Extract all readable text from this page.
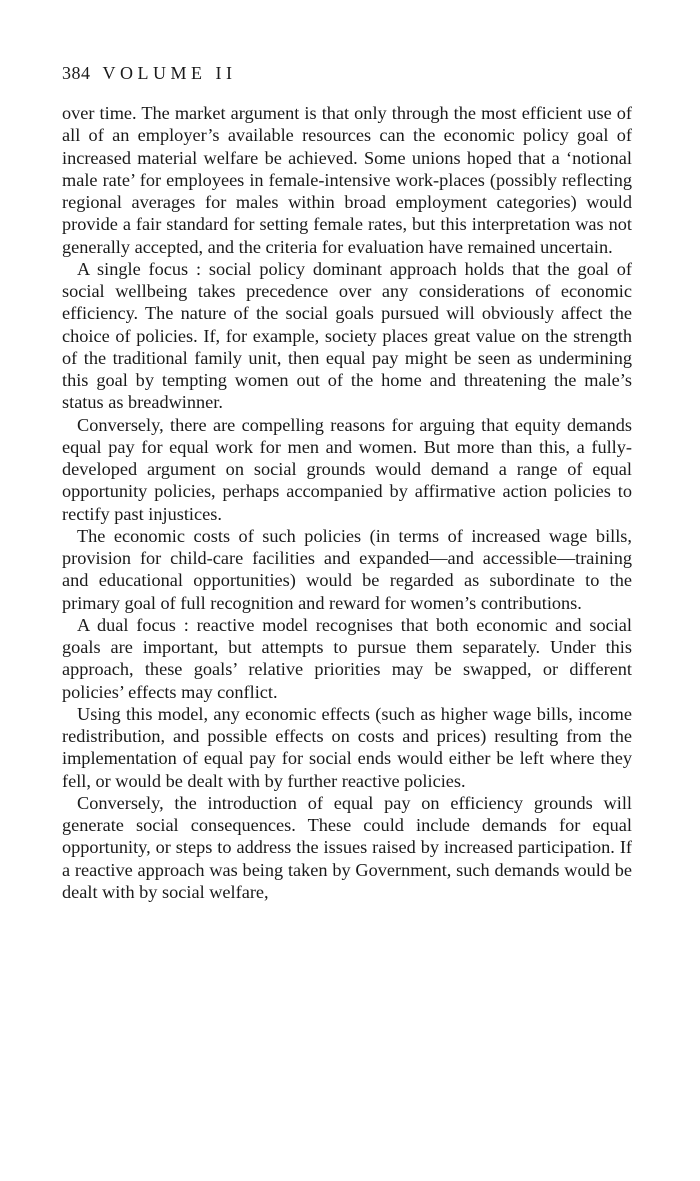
384 VOLUME II

over time. The market argument is that only through the most efficient use of all of an employer’s available resources can the economic policy goal of increased material welfare be achieved. Some unions hoped that a ‘notional male rate’ for employees in female-intensive work-places (possibly reflecting regional averages for males within broad employment categories) would provide a fair standard for setting female rates, but this interpretation was not generally accepted, and the criteria for evaluation have remained uncertain.

A single focus : social policy dominant approach holds that the goal of social wellbeing takes precedence over any considerations of economic efficiency. The nature of the social goals pursued will obviously affect the choice of policies. If, for example, society places great value on the strength of the traditional family unit, then equal pay might be seen as undermining this goal by tempting women out of the home and threatening the male’s status as breadwinner.

Conversely, there are compelling reasons for arguing that equity demands equal pay for equal work for men and women. But more than this, a fully-developed argument on social grounds would demand a range of equal opportunity policies, perhaps accompanied by affirmative action policies to rectify past injustices.

The economic costs of such policies (in terms of increased wage bills, provision for child-care facilities and expanded—and accessible—training and educational opportunities) would be regarded as subordinate to the primary goal of full recognition and reward for women’s contributions.

A dual focus : reactive model recognises that both economic and social goals are important, but attempts to pursue them separately. Under this approach, these goals’ relative priorities may be swapped, or different policies’ effects may conflict.

Using this model, any economic effects (such as higher wage bills, income redistribution, and possible effects on costs and prices) resulting from the implementation of equal pay for social ends would either be left where they fell, or would be dealt with by further reactive policies.

Conversely, the introduction of equal pay on efficiency grounds will generate social consequences. These could include demands for equal opportunity, or steps to address the issues raised by increased participation. If a reactive approach was being taken by Government, such demands would be dealt with by social welfare,
